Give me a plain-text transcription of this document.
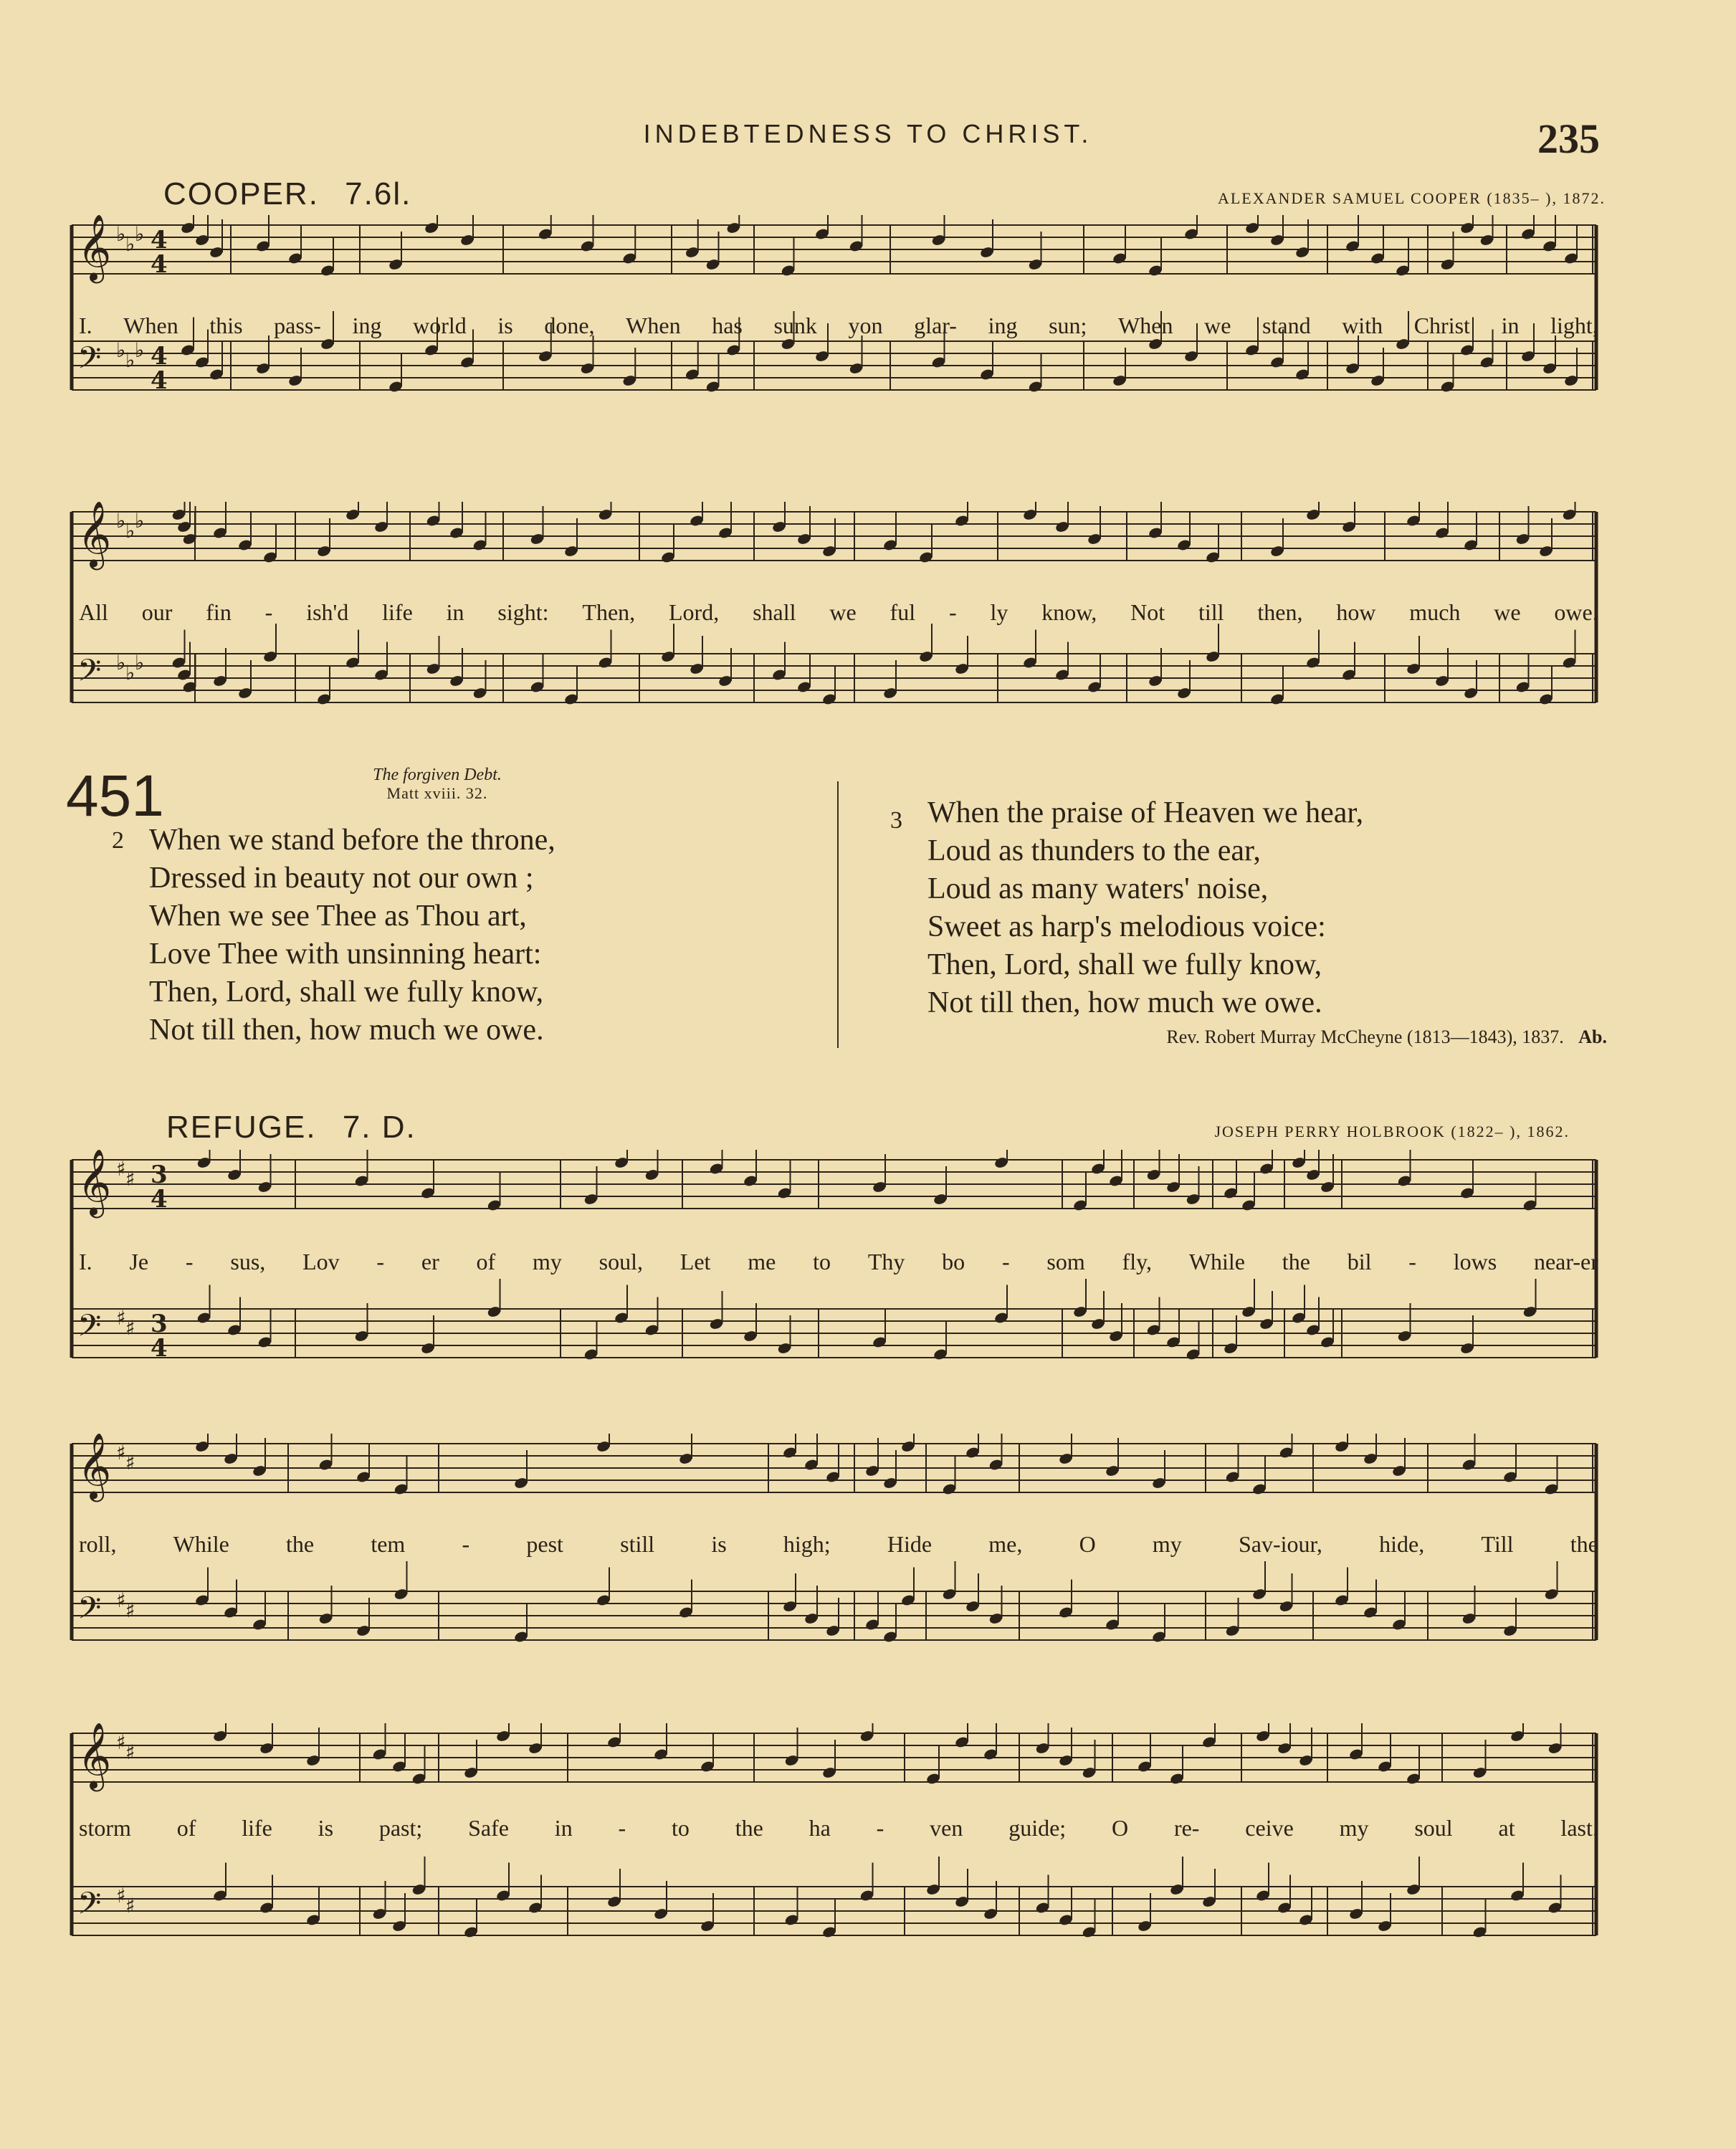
INDEBTEDNESS TO CHRIST.	235
COOPER. 7.6l.	ALEXANDER SAMUEL COOPER (1835– ), 1872.
𝄞 ♭ ♭ ♭ 4
4
𝄢 ♭ ♭ ♭ 4
4
I. When this pass- ing world is done, When has sunk yon glar- ing sun; When we stand with Christ in light,
𝄞 ♭ ♭ ♭
𝄢 ♭ ♭ ♭
All our fin - ish'd life in sight: Then, Lord, shall we ful - ly know, Not till then, how much we owe.
451	The forgiven Debt.
Matt xviii. 32.
2 When we stand before the throne,
Dressed in beauty not our own ;
When we see Thee as Thou art,
Love Thee with unsinning heart:
Then, Lord, shall we fully know,
Not till then, how much we owe.
3 When the praise of Heaven we hear,
Loud as thunders to the ear,
Loud as many waters' noise,
Sweet as harp's melodious voice:
Then, Lord, shall we fully know,
Not till then, how much we owe.
Rev. Robert Murray McCheyne (1813—1843), 1837. Ab.
REFUGE. 7. D.	JOSEPH PERRY HOLBROOK (1822– ), 1862.
𝄞 ♯ ♯ 3
4
𝄢 ♯ ♯ 3
4
I. Je - sus, Lov - er of my soul, Let me to Thy bo - som fly, While the bil - lows near-er
𝄞 ♯ ♯
𝄢 ♯ ♯
roll, While the tem - pest still is high; Hide me, O my Sav-iour, hide, Till the
𝄞 ♯ ♯
𝄢 ♯ ♯
storm of life is past; Safe in - to the ha - ven guide; O re- ceive my soul at last.
